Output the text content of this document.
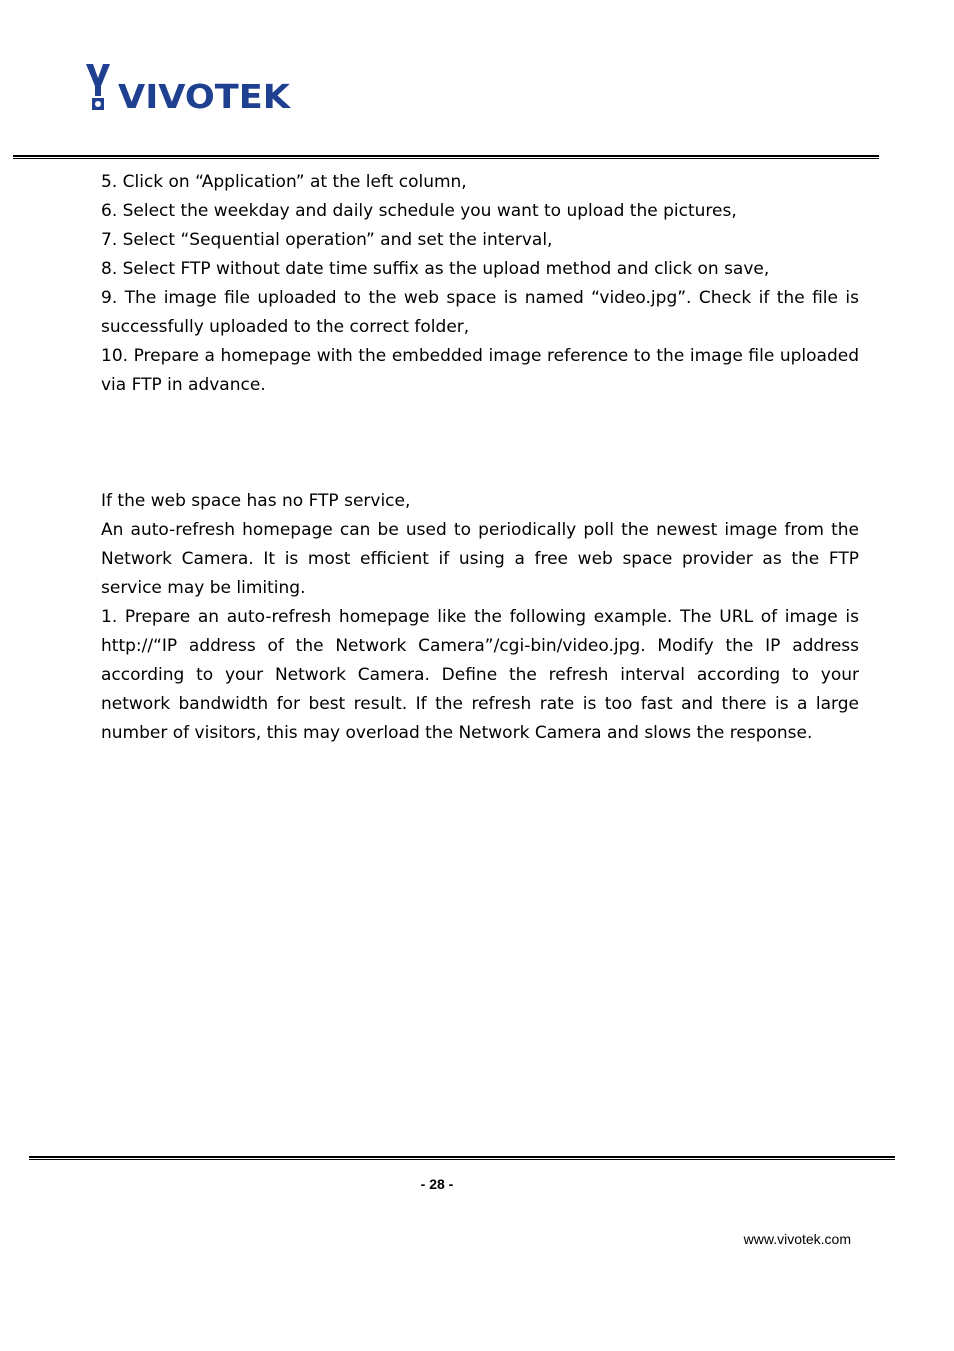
VIVOTEK

5. Click on “Application” at the left column,

6. Select the weekday and daily schedule you want to upload the pictures,

7. Select “Sequential operation” and set the interval,

8. Select FTP without date time suffix as the upload method and click on save,

9. The image file uploaded to the web space is named “video.jpg”. Check if the file is successfully uploaded to the correct folder,

10. Prepare a homepage with the embedded image reference to the image file uploaded via FTP in advance.

If the web space has no FTP service,

An auto-refresh homepage can be used to periodically poll the newest image from the Network Camera. It is most efficient if using a free web space provider as the FTP service may be limiting.

1. Prepare an auto-refresh homepage like the following example. The URL of image is http://“IP address of the Network Camera”/cgi-bin/video.jpg. Modify the IP address according to your Network Camera. Define the refresh interval according to your network bandwidth for best result. If the refresh rate is too fast and there is a large number of visitors, this may overload the Network Camera and slows the response.

- 28 -
www.vivotek.com
